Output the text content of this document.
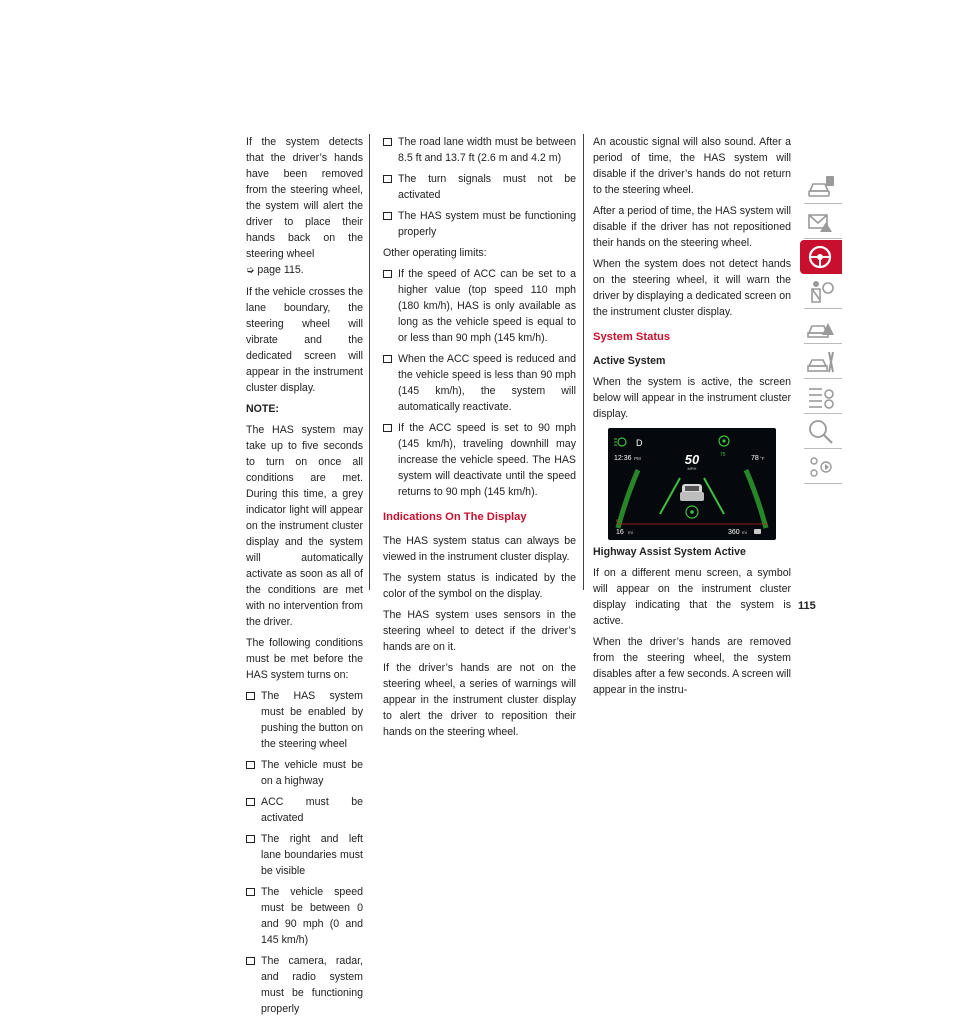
If the system detects that the driver’s hands have been removed from the steering wheel, the system will alert the driver to place their hands back on the steering wheel
➭ page 115.

If the vehicle crosses the lane boundary, the steering wheel will vibrate and the dedicated screen will appear in the instrument cluster display.

NOTE:

The HAS system may take up to five seconds to turn on once all conditions are met. During this time, a grey indicator light will appear on the instrument cluster display and the system will automatically activate as soon as all of the conditions are met with no intervention from the driver.

The following conditions must be met before the HAS system turns on:

The HAS system must be enabled by pushing the button on the steering wheel
The vehicle must be on a highway
ACC must be activated
The right and left lane boundaries must be visible
The vehicle speed must be between 0 and 90 mph (0 and 145 km/h)
The camera, radar, and radio system must be functioning properly
The road lane width must be between 8.5 ft and 13.7 ft (2.6 m and 4.2 m)
The turn signals must not be activated
The HAS system must be functioning properly

Other operating limits:

If the speed of ACC can be set to a higher value (top speed 110 mph (180 km/h), HAS is only available as long as the vehicle speed is equal to or less than 90 mph (145 km/h).
When the ACC speed is reduced and the vehicle speed is less than 90 mph (145 km/h), the system will automatically reactivate.
If the ACC speed is set to 90 mph (145 km/h), traveling downhill may increase the vehicle speed. The HAS system will deactivate until the speed returns to 90 mph (145 km/h).
Indications On The Display

The HAS system status can always be viewed in the instrument cluster display.

The system status is indicated by the color of the symbol on the display.

The HAS system uses sensors in the steering wheel to detect if the driver’s hands are on it.

If the driver’s hands are not on the steering wheel, a series of warnings will appear in the instrument cluster display to alert the driver to reposition their hands on the steering wheel.

An acoustic signal will also sound. After a period of time, the HAS system will disable if the driver’s hands do not return to the steering wheel.

After a period of time, the HAS system will disable if the driver has not repositioned their hands on the steering wheel.

When the system does not detect hands on the steering wheel, it will warn the driver by displaying a dedicated screen on the instrument cluster display.

System Status

Active System

When the system is active, the screen below will appear in the instrument cluster display.

D
75
12:36 PM	50
MPH
78 °F
E
16 mi	360 mi

Highway Assist System Active

If on a different menu screen, a symbol will appear on the instrument cluster display indicating that the system is active.

When the driver’s hands are removed from the steering wheel, the system disables after a few seconds. A screen will appear in the instru-

115
